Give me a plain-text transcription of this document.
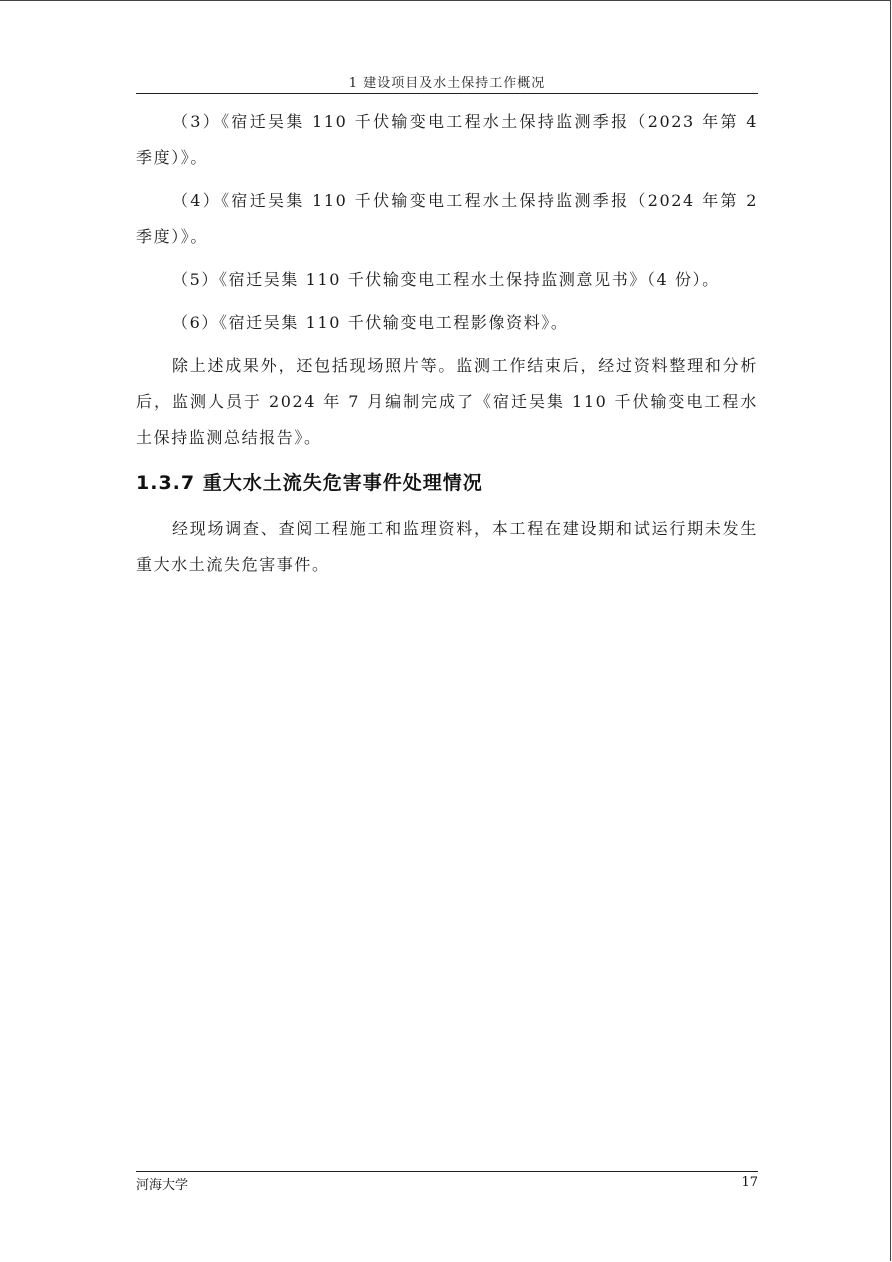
1 建设项目及水土保持工作概况

（3）《宿迁吴集 110 千伏输变电工程水土保持监测季报（2023 年第 4 季度）》。

（4）《宿迁吴集 110 千伏输变电工程水土保持监测季报（2024 年第 2 季度）》。

（5）《宿迁吴集 110 千伏输变电工程水土保持监测意见书》（4 份）。

（6）《宿迁吴集 110 千伏输变电工程影像资料》。

除上述成果外，还包括现场照片等。监测工作结束后，经过资料整理和分析后，监测人员于 2024 年 7 月编制完成了《宿迁吴集 110 千伏输变电工程水土保持监测总结报告》。

1.3.7 重大水土流失危害事件处理情况

经现场调查、查阅工程施工和监理资料，本工程在建设期和试运行期未发生重大水土流失危害事件。

河海大学	17
